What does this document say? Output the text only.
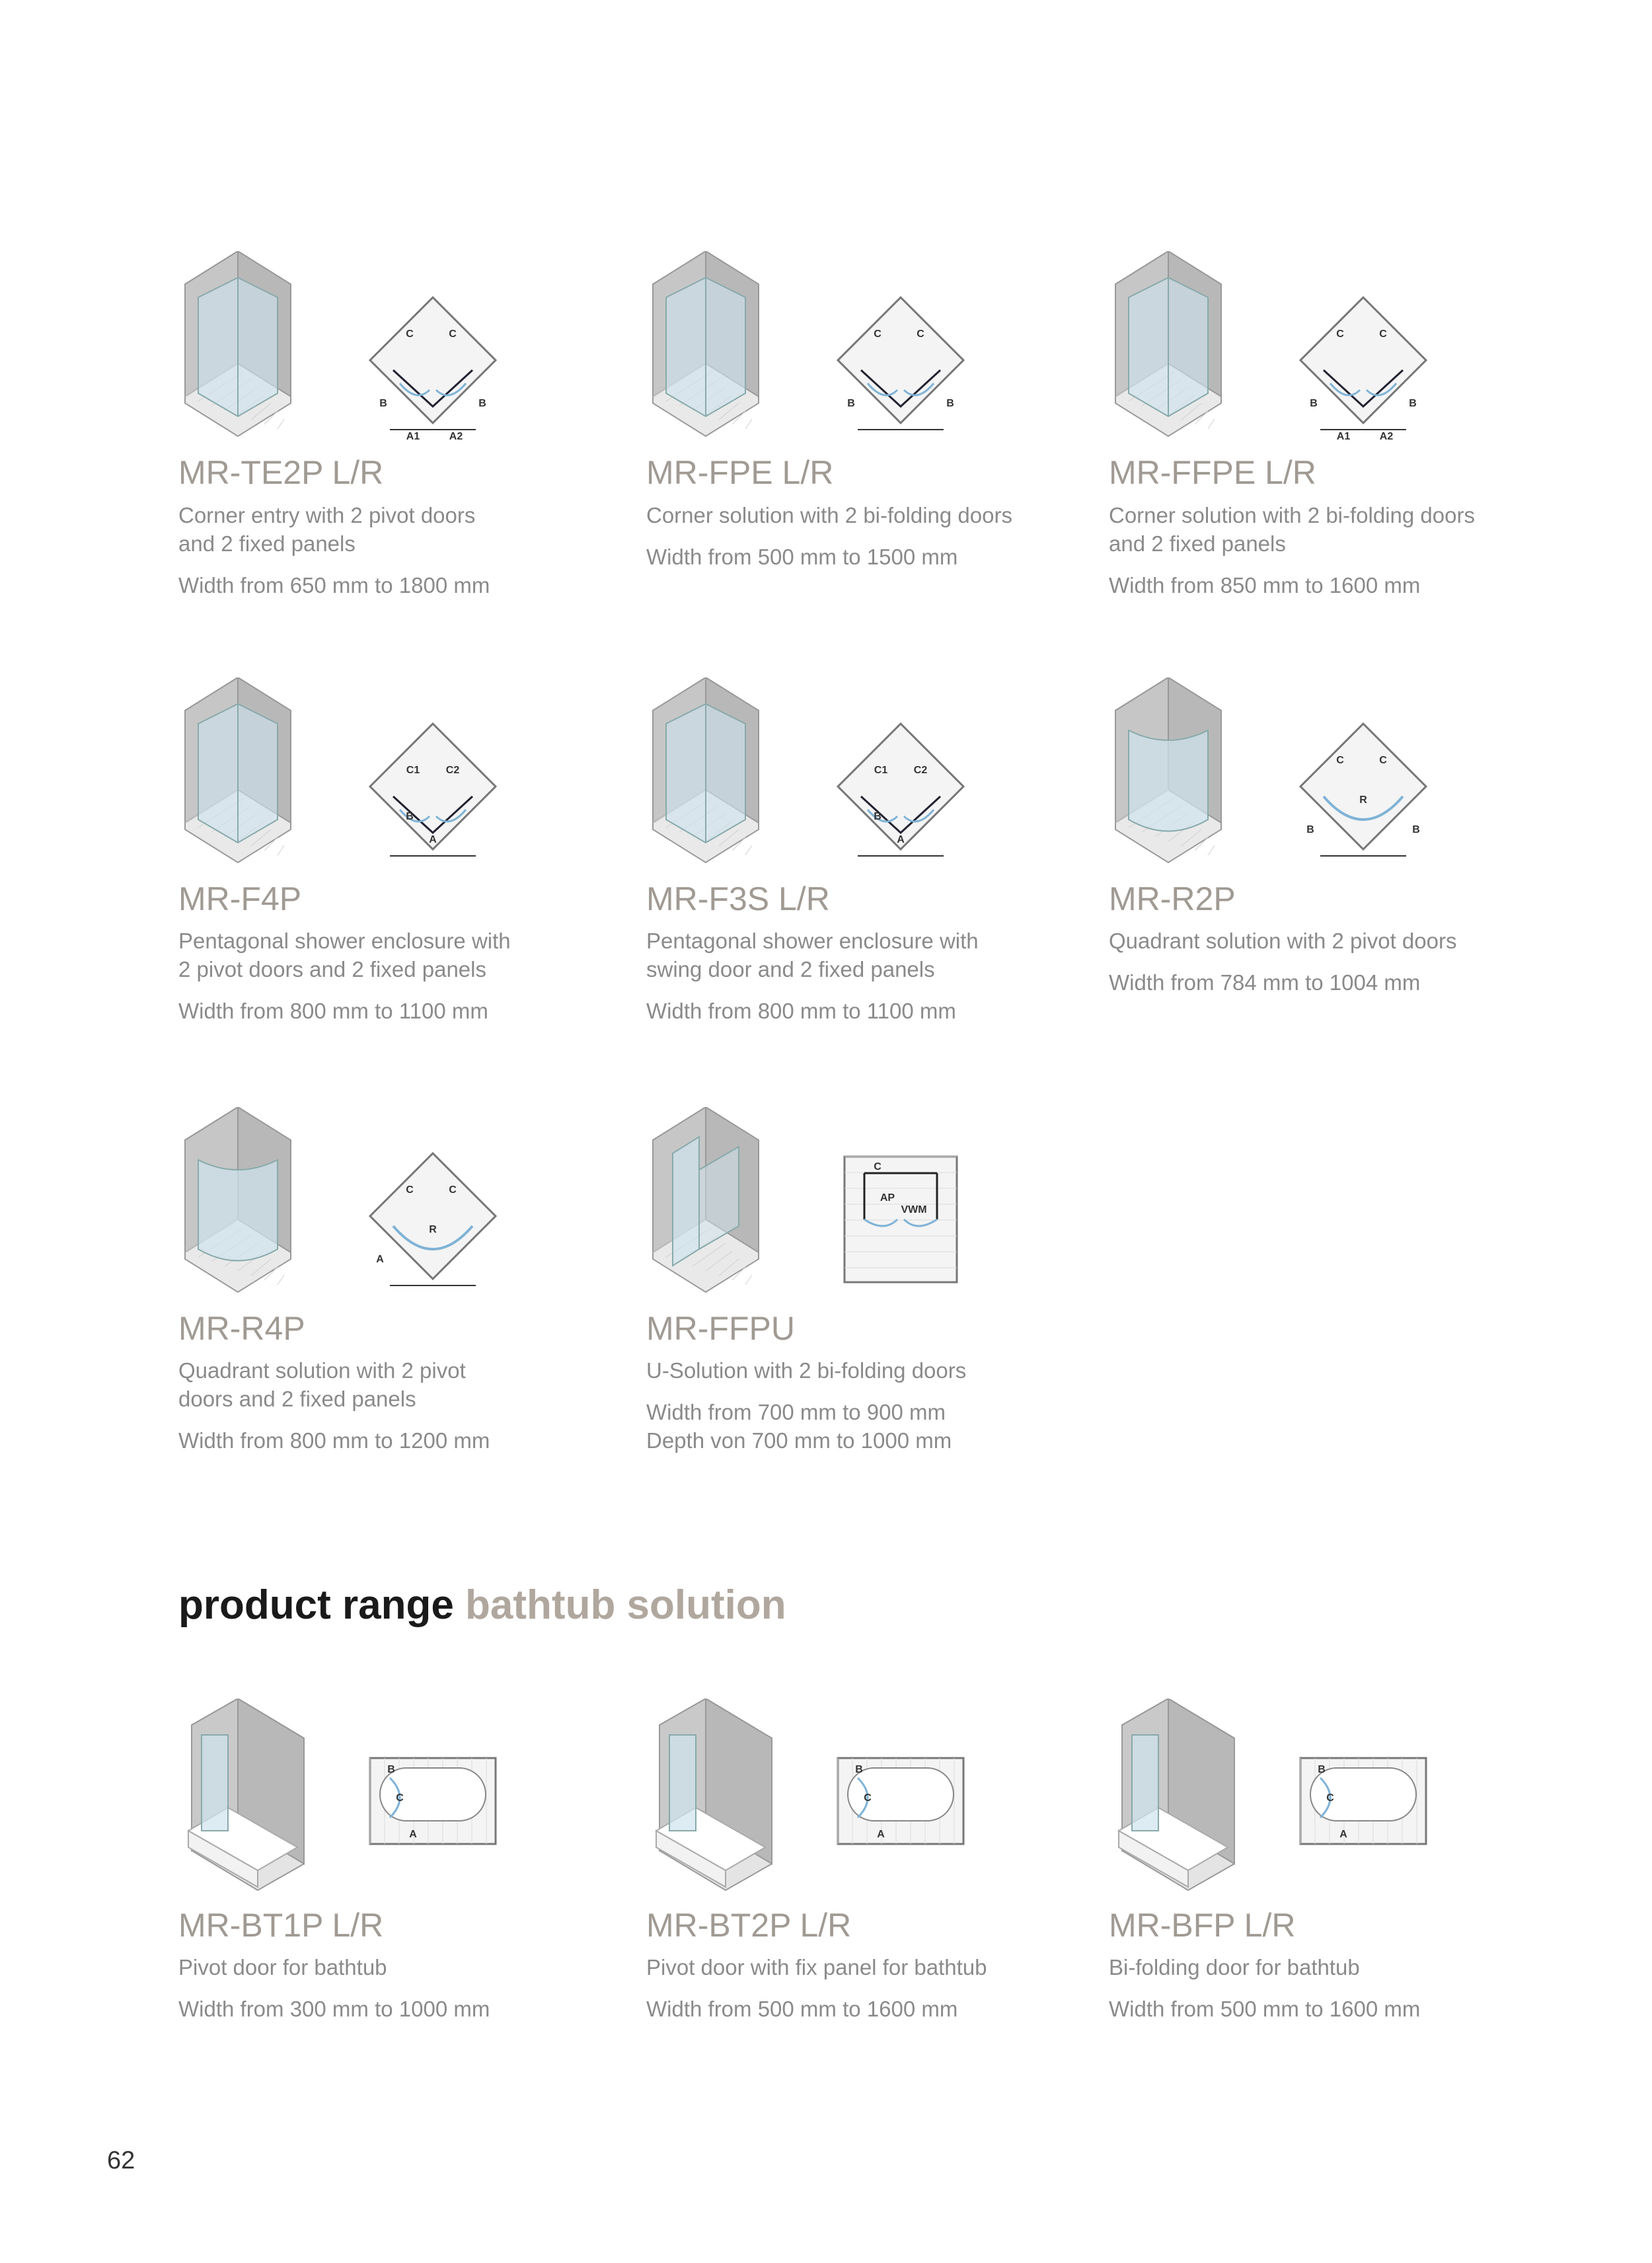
C	C
B	B
A1	A2
MR-TE2P L/R
Corner entry with 2 pivot doors
and 2 fixed panels
Width from 650 mm to 1800 mm
C	C
B	B
MR-FPE L/R
Corner solution with 2 bi-folding doors
Width from 500 mm to 1500 mm
C	C
B	B
A1	A2
MR-FFPE L/R
Corner solution with 2 bi-folding doors
and 2 fixed panels
Width from 850 mm to 1600 mm
C1 C2
B
A
MR-F4P
Pentagonal shower enclosure with
2 pivot doors and 2 fixed panels
Width from 800 mm to 1100 mm
C1 C2
B
A
MR-F3S L/R
Pentagonal shower enclosure with
swing door and 2 fixed panels
Width from 800 mm to 1100 mm
C	C
R
B	B
MR-R2P
Quadrant solution with 2 pivot doors
Width from 784 mm to 1004 mm
C	C
R
A
MR-R4P
Quadrant solution with 2 pivot
doors and 2 fixed panels
Width from 800 mm to 1200 mm
C
AP
VWM
MR-FFPU
U-Solution with 2 bi-folding doors
Width from 700 mm to 900 mm
Depth von 700 mm to 1000 mm
B
C
A
MR-BT1P L/R
Pivot door for bathtub
Width from 300 mm to 1000 mm
B
C
A
MR-BT2P L/R
Pivot door with fix panel for bathtub
Width from 500 mm to 1600 mm
B
C
A
MR-BFP L/R
Bi-folding door for bathtub
Width from 500 mm to 1600 mm
product range bathtub solution
62
